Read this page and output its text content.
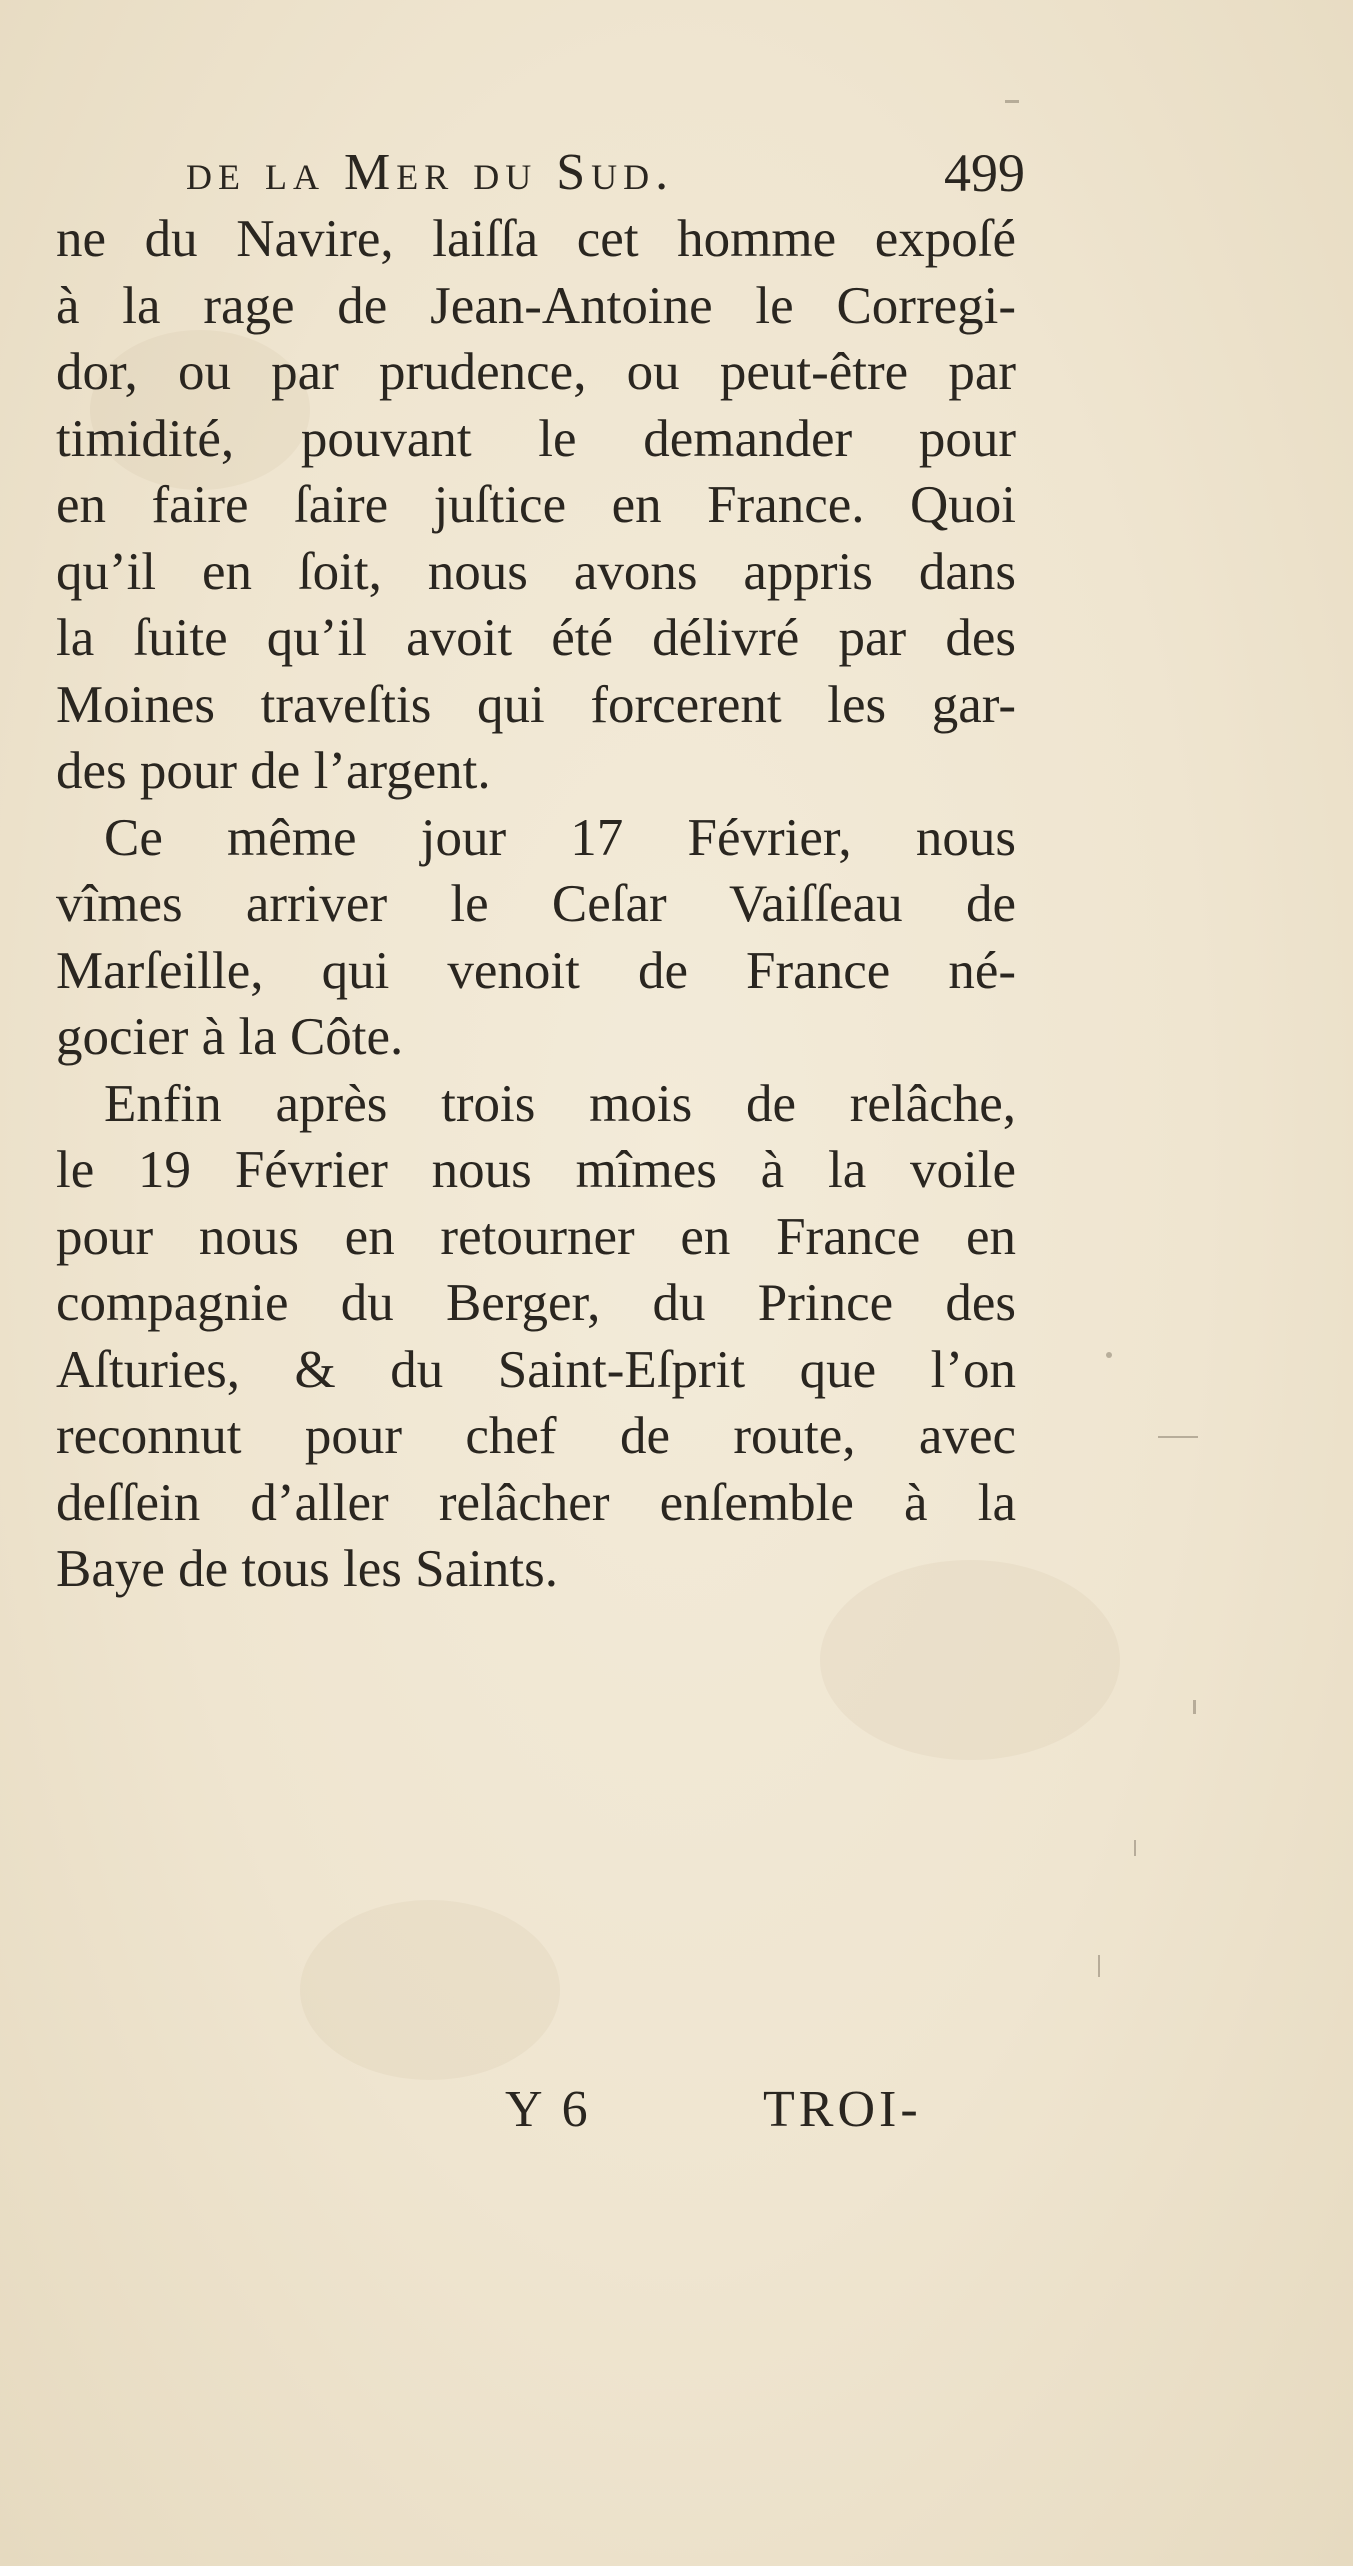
de la Mer du Sud.	499
ne du Navire, laiſſa cet homme expoſé
à la rage de Jean-Antoine le Corregi-
dor, ou par prudence, ou peut-être par
timidité, pouvant le demander pour
en faire ſaire juſtice en France. Quoi
qu’il en ſoit, nous avons appris dans
la ſuite qu’il avoit été délivré par des
Moines traveſtis qui forcerent les gar-
des pour de l’argent.
Ce même jour 17 Février, nous
vîmes arriver le Ceſar Vaiſſeau de
Marſeille, qui venoit de France né-
gocier à la Côte.
Enfin après trois mois de relâche,
le 19 Février nous mîmes à la voile
pour nous en retourner en France en
compagnie du Berger, du Prince des
Aſturies, & du Saint-Eſprit que l’on
reconnut pour chef de route, avec
deſſein d’aller relâcher enſemble à la
Baye de tous les Saints.
Y 6	TROI-
